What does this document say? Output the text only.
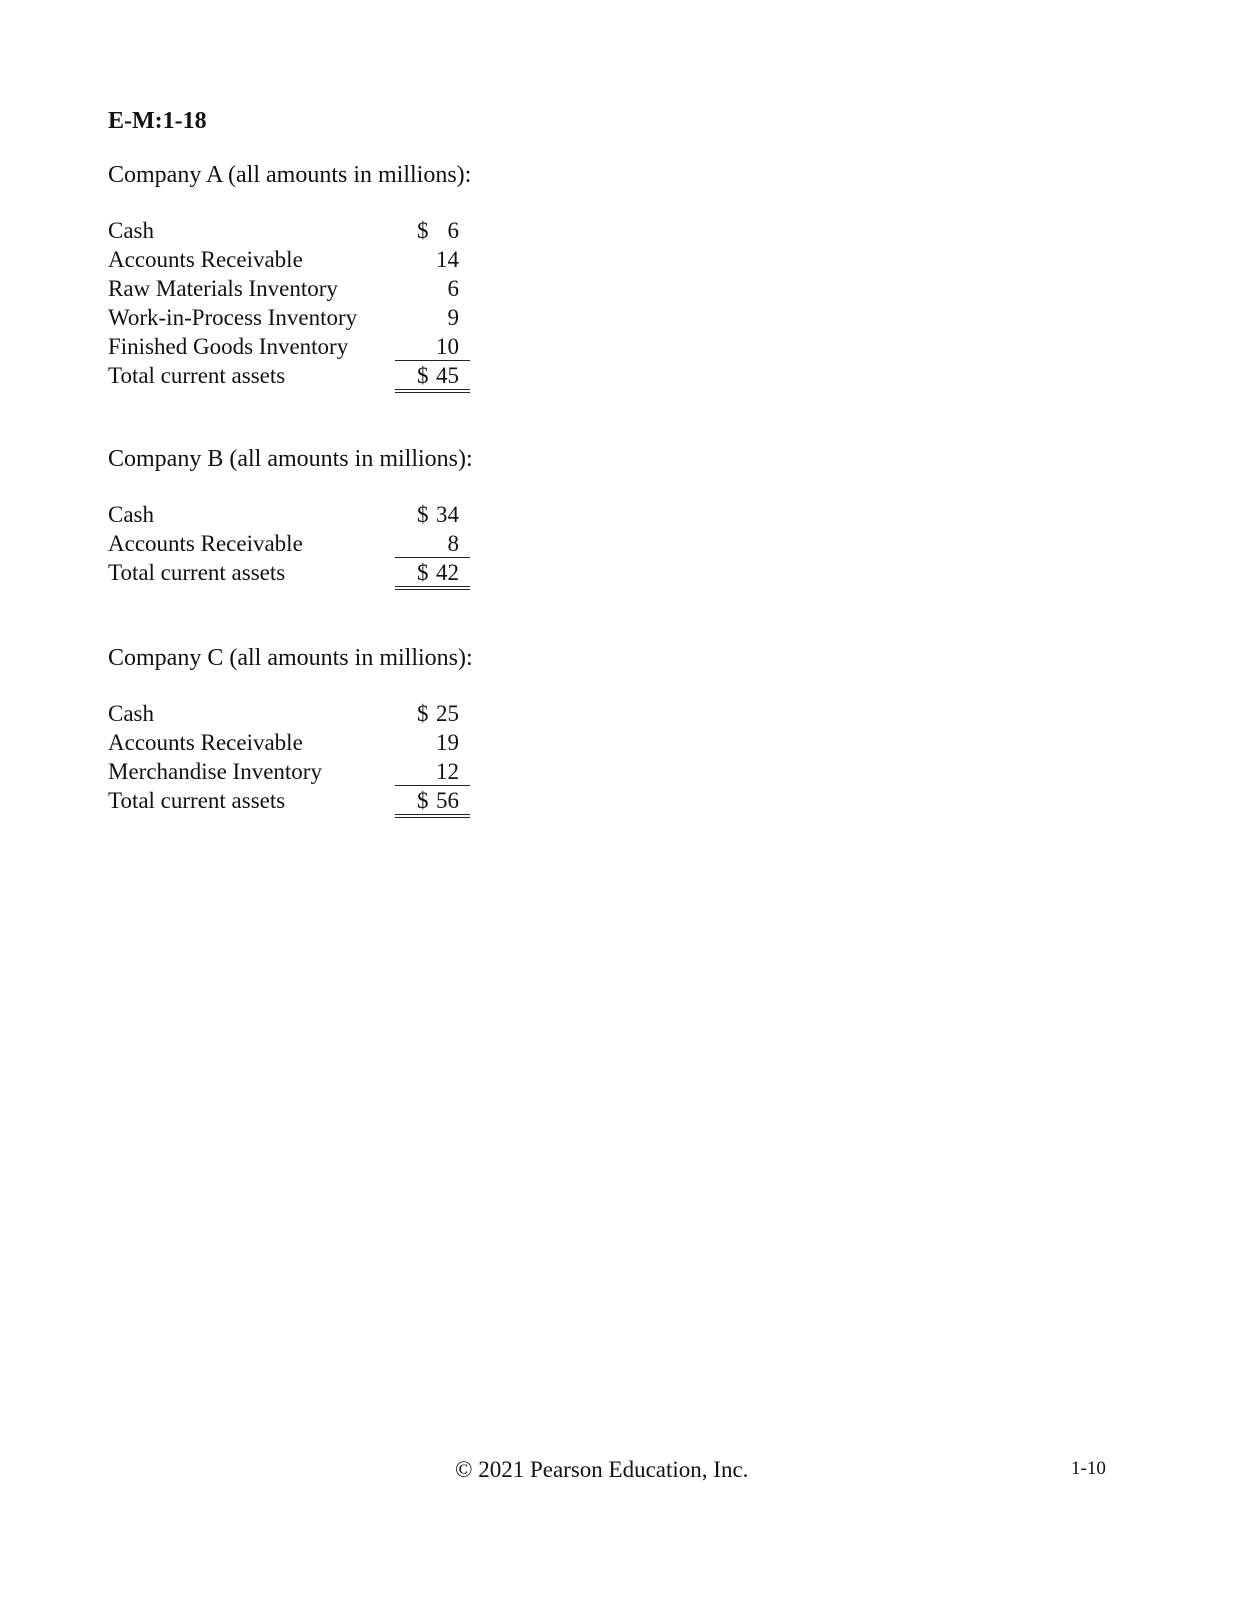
E-M:1-18
Company A (all amounts in millions):
Cash	$ 6
Accounts Receivable	14
Raw Materials Inventory	6
Work-in-Process Inventory	9
Finished Goods Inventory	10
Total current assets	$ 45
Company B (all amounts in millions):
Cash	$ 34
Accounts Receivable	8
Total current assets	$ 42
Company C (all amounts in millions):
Cash	$ 25
Accounts Receivable	19
Merchandise Inventory	12
Total current assets	$ 56
© 2021 Pearson Education, Inc.	1-10
